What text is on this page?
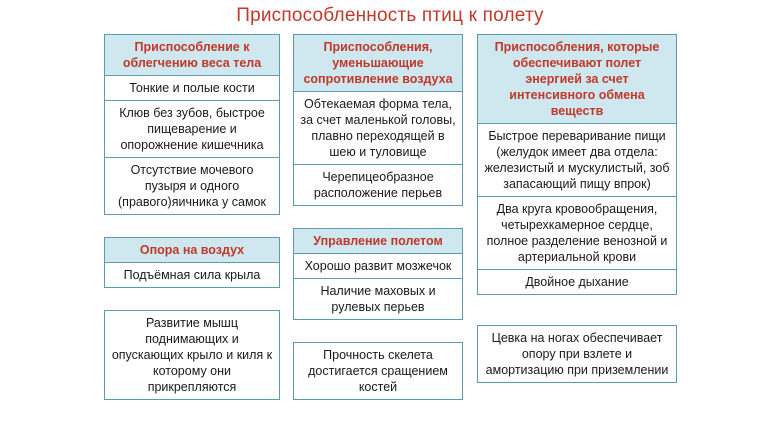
Приспособленность птиц к полету
Приспособление к облегчению веса тела
Тонкие и полые кости
Клюв без зубов, быстрое пищеварение и опорожнение кишечника
Отсутствие мочевого пузыря и одного (правого)яичника у самок
Опора на воздух
Подъёмная сила крыла
Развитие мышц поднимающих и опускающих крыло и киля к которому они прикрепляются
Приспособления, уменьшающие сопротивление воздуха
Обтекаемая форма тела, за счет маленькой головы, плавно переходящей в шею и туловище
Черепицеобразное расположение перьев
Управление полетом
Хорошо развит мозжечок
Наличие маховых и рулевых перьев
Прочность скелета достигается сращением костей
Приспособления, которые обеспечивают полет энергией за счет интенсивного обмена веществ
Быстрое переваривание пищи (желудок имеет два отдела: железистый и мускулистый, зоб запасающий пищу впрок)
Два круга кровообращения, четырехкамерное сердце, полное разделение венозной и артериальной крови
Двойное дыхание
Цевка на ногах обеспечивает опору при взлете и амортизацию при приземлении
